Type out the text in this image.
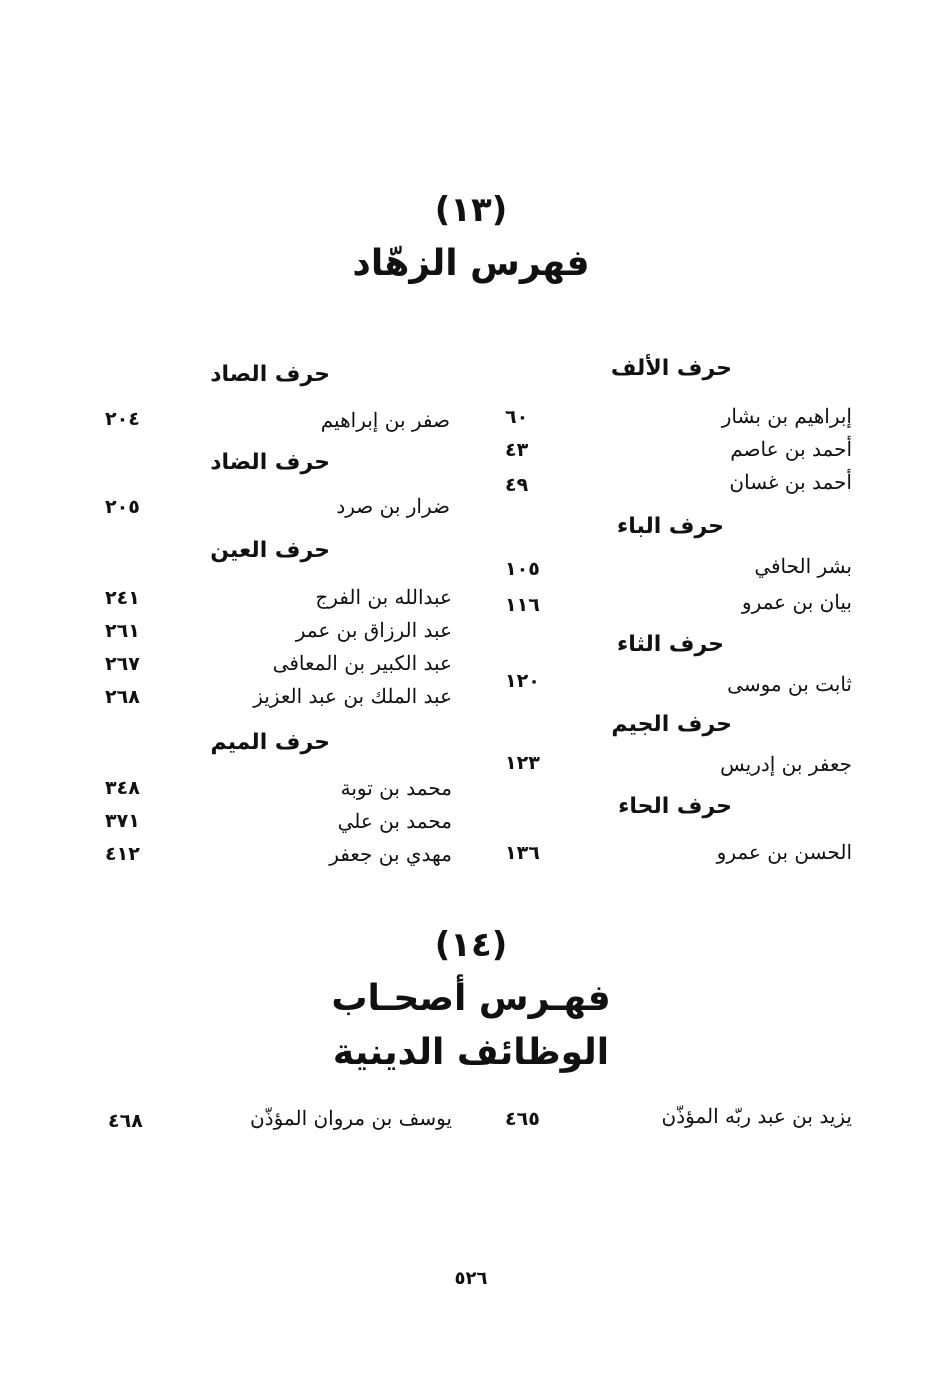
(١٣)
فهرس الزهّاد
حرف الألف
إبراهيم بن بشار
٦٠
أحمد بن عاصم
٤٣
أحمد بن غسان
٤٩
حرف الباء
بشر الحافي
١٠٥
بيان بن عمرو
١١٦
حرف الثاء
ثابت بن موسى
١٢٠
حرف الجيم
جعفر بن إدريس
١٢٣
حرف الحاء
الحسن بن عمرو
١٣٦
حرف الصاد
صفر بن إبراهيم
٢٠٤
حرف الضاد
ضرار بن صرد
٢٠٥
حرف العين
عبدالله بن الفرج
٢٤١
عبد الرزاق بن عمر
٢٦١
عبد الكبير بن المعافى
٢٦٧
عبد الملك بن عبد العزيز
٢٦٨
حرف الميم
محمد بن توبة
٣٤٨
محمد بن علي
٣٧١
مهدي بن جعفر
٤١٢
(١٤)
فهـرس أصحـاب
الوظائف الدينية
يزيد بن عبد ربّه المؤذّن
٤٦٥
يوسف بن مروان المؤذّن
٤٦٨
٥٢٦
